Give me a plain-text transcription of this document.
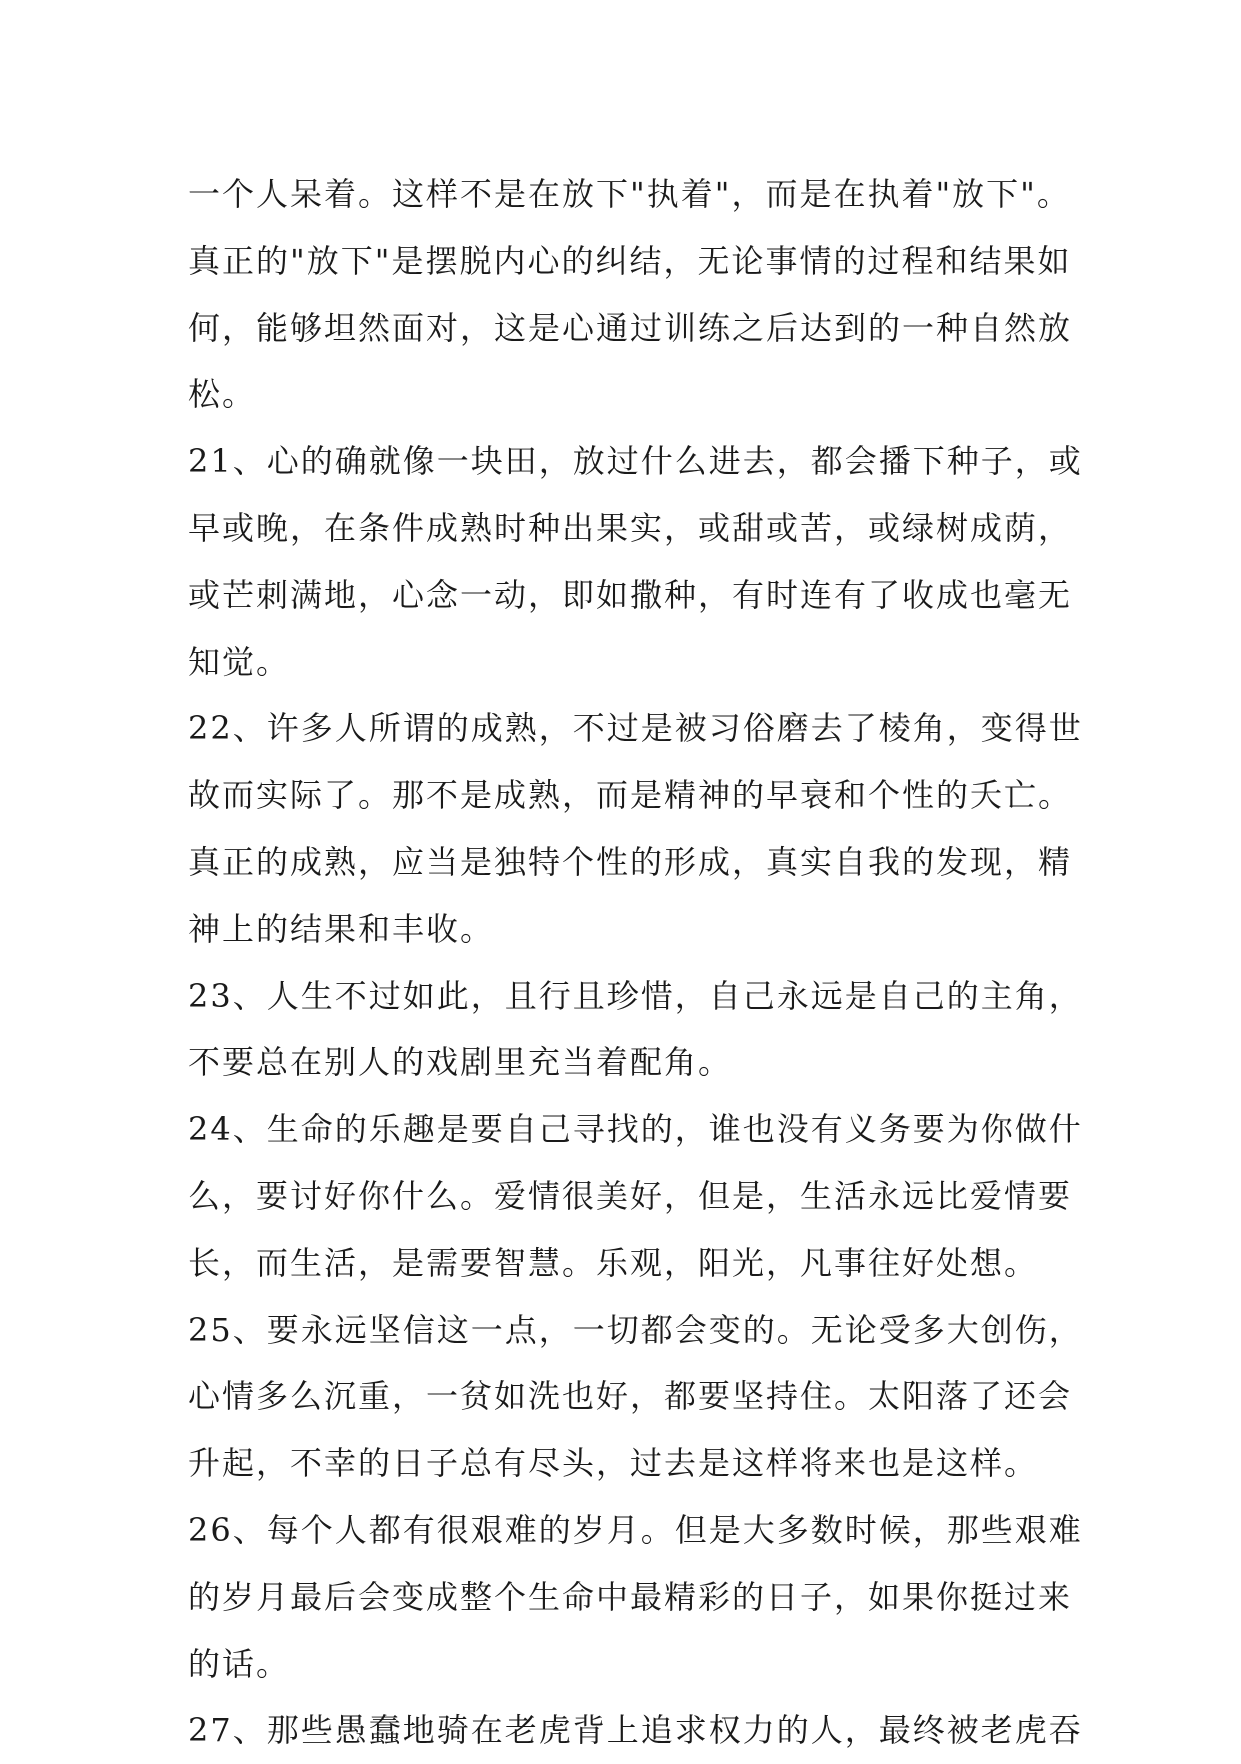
一个人呆着。这样不是在放下"执着"，而是在执着"放下"。
真正的"放下"是摆脱内心的纠结，无论事情的过程和结果如
何，能够坦然面对，这是心通过训练之后达到的一种自然放
松。
21、心的确就像一块田，放过什么进去，都会播下种子，或
早或晚，在条件成熟时种出果实，或甜或苦，或绿树成荫，
或芒刺满地，心念一动，即如撒种，有时连有了收成也毫无
知觉。
22、许多人所谓的成熟，不过是被习俗磨去了棱角，变得世
故而实际了。那不是成熟，而是精神的早衰和个性的夭亡。
真正的成熟，应当是独特个性的形成，真实自我的发现，精
神上的结果和丰收。
23、人生不过如此，且行且珍惜，自己永远是自己的主角，
不要总在别人的戏剧里充当着配角。
24、生命的乐趣是要自己寻找的，谁也没有义务要为你做什
么，要讨好你什么。爱情很美好，但是，生活永远比爱情要
长，而生活，是需要智慧。乐观，阳光，凡事往好处想。
25、要永远坚信这一点，一切都会变的。无论受多大创伤，
心情多么沉重，一贫如洗也好，都要坚持住。太阳落了还会
升起，不幸的日子总有尽头，过去是这样将来也是这样。
26、每个人都有很艰难的岁月。但是大多数时候，那些艰难
的岁月最后会变成整个生命中最精彩的日子，如果你挺过来
的话。
27、那些愚蠢地骑在老虎背上追求权力的人，最终被老虎吞
